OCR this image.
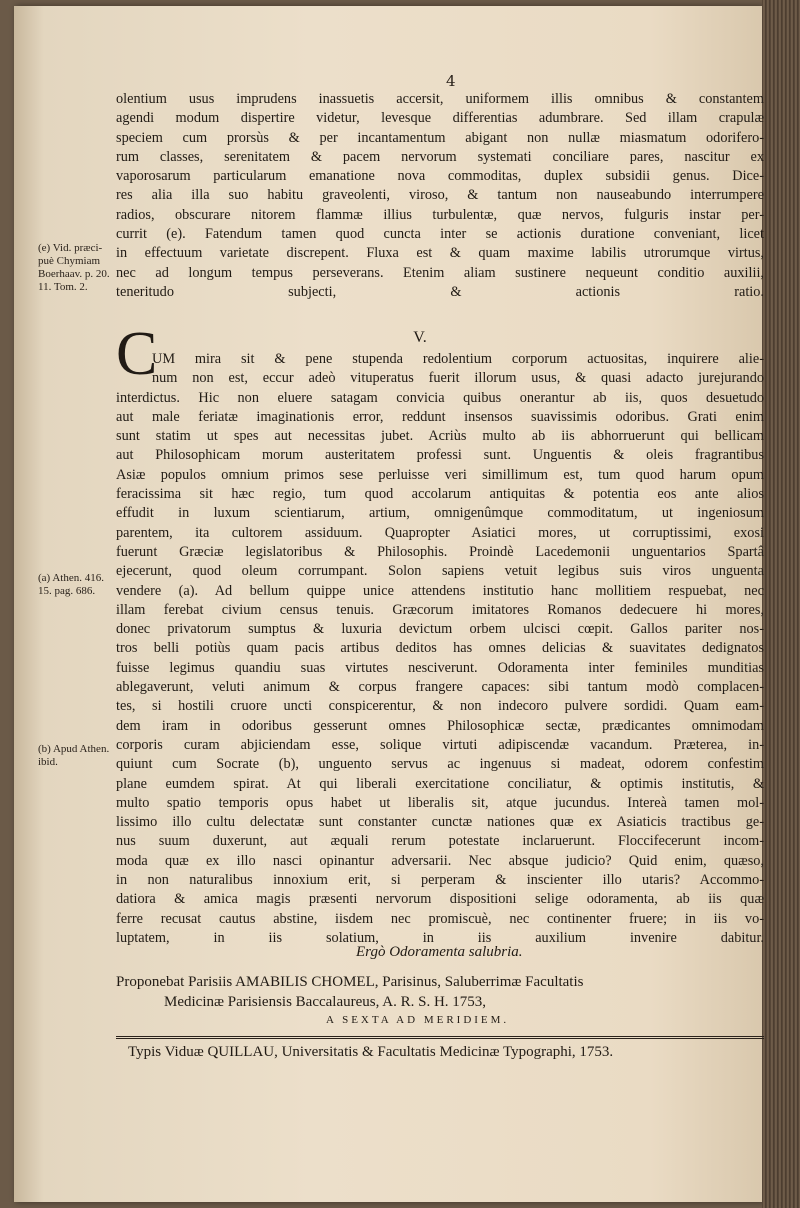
4
olentium usus imprudens inassuetis accersit, uniformem illis omnibus & constantem
agendi modum dispertire videtur, levesque differentias adumbrare. Sed illam crapulæ
speciem cum prorsùs & per incantamentum abigant non nullæ miasmatum odorifero-
rum classes, serenitatem & pacem nervorum systemati conciliare pares, nascitur ex
vaporosarum particularum emanatione nova commoditas, duplex subsidii genus. Dice-
res alia illa suo habitu graveolenti, viroso, & tantum non nauseabundo interrumpere
radios, obscurare nitorem flammæ illius turbulentæ, quæ nervos, fulguris instar per-
currit (e). Fatendum tamen quod cuncta inter se actionis duratione conveniant, licet
in effectuum varietate discrepent. Fluxa est & quam maxime labilis utrorumque virtus,
nec ad longum tempus perseverans. Etenim aliam sustinere nequeunt conditio auxilii,
teneritudo subjecti, & actionis ratio.
V.
C
UM mira sit & pene stupenda redolentium corporum actuositas, inquirere alie-
num non est, eccur adeò vituperatus fuerit illorum usus, & quasi adacto jurejurando
interdictus. Hic non eluere satagam convicia quibus onerantur ab iis, quos desuetudo
aut male feriatæ imaginationis error, reddunt insensos suavissimis odoribus. Grati enim
sunt statim ut spes aut necessitas jubet. Acriùs multo ab iis abhorruerunt qui bellicam
aut Philosophicam morum austeritatem professi sunt. Unguentis & oleis fragrantibus
Asiæ populos omnium primos sese perluisse veri simillimum est, tum quod harum opum
feracissima sit hæc regio, tum quod accolarum antiquitas & potentia eos ante alios
effudit in luxum scientiarum, artium, omnigenûmque commoditatum, ut ingeniosum
parentem, ita cultorem assiduum. Quapropter Asiatici mores, ut corruptissimi, exosi
fuerunt Græciæ legislatoribus & Philosophis. Proindè Lacedemonii unguentarios Spartâ
ejecerunt, quod oleum corrumpant. Solon sapiens vetuit legibus suis viros unguenta
vendere (a). Ad bellum quippe unice attendens institutio hanc mollitiem respuebat, nec
illam ferebat civium census tenuis. Græcorum imitatores Romanos dedecuere hi mores,
donec privatorum sumptus & luxuria devictum orbem ulcisci cœpit. Gallos pariter nos-
tros belli potiùs quam pacis artibus deditos has omnes delicias & suavitates dedignatos
fuisse legimus quandiu suas virtutes nesciverunt. Odoramenta inter feminiles munditias
ablegaverunt, veluti animum & corpus frangere capaces: sibi tantum modò complacen-
tes, si hostili cruore uncti conspicerentur, & non indecoro pulvere sordidi. Quam eam-
dem iram in odoribus gesserunt omnes Philosophicæ sectæ, prædicantes omnimodam
corporis curam abjiciendam esse, solique virtuti adipiscendæ vacandum. Præterea, in-
quiunt cum Socrate (b), unguento servus ac ingenuus si madeat, odorem confestim
plane eumdem spirat. At qui liberali exercitatione conciliatur, & optimis institutis, &
multo spatio temporis opus habet ut liberalis sit, atque jucundus. Intereà tamen mol-
lissimo illo cultu delectatæ sunt constanter cunctæ nationes quæ ex Asiaticis tractibus ge-
nus suum duxerunt, aut æquali rerum potestate inclaruerunt. Floccifecerunt incom-
moda quæ ex illo nasci opinantur adversarii. Nec absque judicio? Quid enim, quæso,
in non naturalibus innoxium erit, si perperam & inscienter illo utaris? Accommo-
datiora & amica magis præsenti nervorum dispositioni selige odoramenta, ab iis quæ
ferre recusat cautus abstine, iisdem nec promiscuè, nec continenter fruere; in iis vo-
luptatem, in iis solatium, in iis auxilium invenire dabitur.
(e) Vid. præci-puè Chymiam Boerhaav. p. 20. 11. Tom. 2.
(a) Athen. 416. 15. pag. 686.
(b) Apud Athen. ibid.
Ergò Odoramenta salubria.
Proponebat Parisiis AMABILIS CHOMEL, Parisinus, Saluberrimæ Facultatis
Medicinæ Parisiensis Baccalaureus, A. R. S. H. 1753,
A SEXTA AD MERIDIEM.
Typis Viduæ QUILLAU, Universitatis & Facultatis Medicinæ Typographi, 1753.
